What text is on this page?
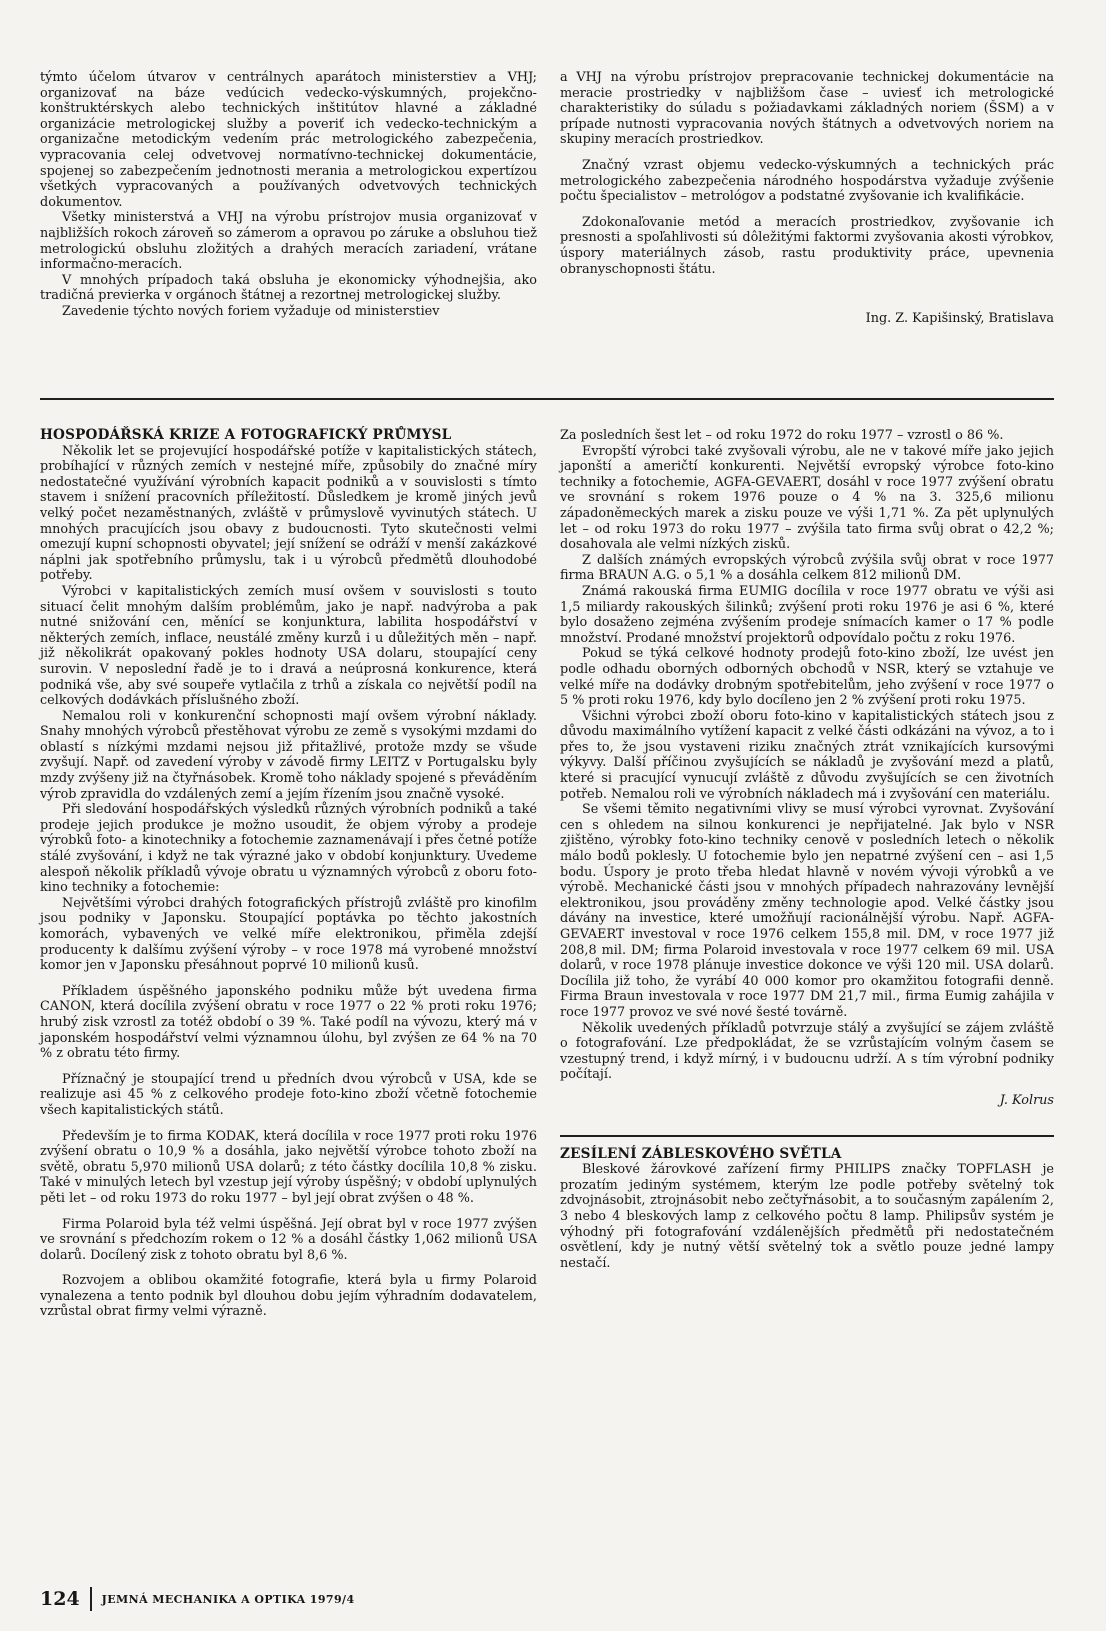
týmto účelom útvarov v centrálnych aparátoch ministerstiev a VHJ; organizovať na báze vedúcich vedecko-výskumných, projekčno-konštruktérskych alebo technických inštitútov hlavné a základné organizácie metrologickej služby a poveriť ich vedecko-technickým a organizačne metodickým vedením prác metrologického zabezpečenia, vypracovania celej odvetvovej normatívno-technickej dokumentácie, spojenej so zabezpečením jednotnosti merania a metrologickou expertízou všetkých vypracovaných a používaných odvetvových technických dokumentov.

Všetky ministerstvá a VHJ na výrobu prístrojov musia organizovať v najbližších rokoch zároveň so zámerom a opravou po záruke a obsluhou tiež metrologickú obsluhu zložitých a drahých meracích zariadení, vrátane informačno-meracích.

V mnohých prípadoch taká obsluha je ekonomicky výhodnejšia, ako tradičná previerka v orgánoch štátnej a rezortnej metrologickej služby.

Zavedenie týchto nových foriem vyžaduje od ministerstiev

a VHJ na výrobu prístrojov prepracovanie technickej dokumentácie na meracie prostriedky v najbližšom čase – uviesť ich metrologické charakteristiky do súladu s požiadavkami základných noriem (ŠSM) a v prípade nutnosti vypracovania nových štátnych a odvetvových noriem na skupiny meracích prostriedkov.

Značný vzrast objemu vedecko-výskumných a technických prác metrologického zabezpečenia národného hospodárstva vyžaduje zvýšenie počtu špecialistov – metrológov a podstatné zvyšovanie ich kvalifikácie.

Zdokonaľovanie metód a meracích prostriedkov, zvyšovanie ich presnosti a spoľahlivosti sú dôležitými faktormi zvyšovania akosti výrobkov, úspory materiálnych zásob, rastu produktivity práce, upevnenia obranyschopnosti štátu.

Ing. Z. Kapišinský, Bratislava

HOSPODÁŘSKÁ KRIZE A FOTOGRAFICKÝ PRŮMYSL

Několik let se projevující hospodářské potíže v kapitalistických státech, probíhající v různých zemích v nestejné míře, způsobily do značné míry nedostatečné využívání výrobních kapacit podniků a v souvislosti s tímto stavem i snížení pracovních příležitostí. Důsledkem je kromě jiných jevů velký počet nezaměstnaných, zvláště v průmyslově vyvinutých státech. U mnohých pracujících jsou obavy z budoucnosti. Tyto skutečnosti velmi omezují kupní schopnosti obyvatel; její snížení se odráží v menší zakázkové náplni jak spotřebního průmyslu, tak i u výrobců předmětů dlouhodobé potřeby.

Výrobci v kapitalistických zemích musí ovšem v souvislosti s touto situací čelit mnohým dalším problémům, jako je např. nadvýroba a pak nutné snižování cen, měnící se konjunktura, labilita hospodářství v některých zemích, inflace, neustálé změny kurzů i u důležitých měn – např. již několikrát opakovaný pokles hodnoty USA dolaru, stoupající ceny surovin. V neposlední řadě je to i dravá a neúprosná konkurence, která podniká vše, aby své soupeře vytlačila z trhů a získala co největší podíl na celkových dodávkách příslušného zboží.

Nemalou roli v konkurenční schopnosti mají ovšem výrobní náklady. Snahy mnohých výrobců přestěhovat výrobu ze země s vysokými mzdami do oblastí s nízkými mzdami nejsou již přitažlivé, protože mzdy se všude zvyšují. Např. od zavedení výroby v závodě firmy LEITZ v Portugalsku byly mzdy zvýšeny již na čtyřnásobek. Kromě toho náklady spojené s převáděním výrob zpravidla do vzdálených zemí a jejím řízením jsou značně vysoké.

Při sledování hospodářských výsledků různých výrobních podniků a také prodeje jejich produkce je možno usoudit, že objem výroby a prodeje výrobků foto- a kinotechniky a fotochemie zaznamenávají i přes četné potíže stálé zvyšování, i když ne tak výrazné jako v období konjunktury. Uvedeme alespoň několik příkladů vývoje obratu u významných výrobců z oboru foto-kino techniky a fotochemie:

Největšími výrobci drahých fotografických přístrojů zvláště pro kinofilm jsou podniky v Japonsku. Stoupající poptávka po těchto jakostních komorách, vybavených ve velké míře elektronikou, přiměla zdejší producenty k dalšímu zvýšení výroby – v roce 1978 má vyrobené množství komor jen v Japonsku přesáhnout poprvé 10 milionů kusů.

Příkladem úspěšného japonského podniku může být uvedena firma CANON, která docílila zvýšení obratu v roce 1977 o 22 % proti roku 1976; hrubý zisk vzrostl za totéž období o 39 %. Také podíl na vývozu, který má v japonském hospodářství velmi významnou úlohu, byl zvýšen ze 64 % na 70 % z obratu této firmy.

Příznačný je stoupající trend u předních dvou výrobců v USA, kde se realizuje asi 45 % z celkového prodeje foto-kino zboží včetně fotochemie všech kapitalistických států.

Především je to firma KODAK, která docílila v roce 1977 proti roku 1976 zvýšení obratu o 10,9 % a dosáhla, jako největší výrobce tohoto zboží na světě, obratu 5,970 milionů USA dolarů; z této částky docílila 10,8 % zisku. Také v minulých letech byl vzestup její výroby úspěšný; v období uplynulých pěti let – od roku 1973 do roku 1977 – byl její obrat zvýšen o 48 %.

Firma Polaroid byla též velmi úspěšná. Její obrat byl v roce 1977 zvýšen ve srovnání s předchozím rokem o 12 % a dosáhl částky 1,062 milionů USA dolarů. Docílený zisk z tohoto obratu byl 8,6 %.

Rozvojem a oblibou okamžité fotografie, která byla u firmy Polaroid vynalezena a tento podnik byl dlouhou dobu jejím výhradním dodavatelem, vzrůstal obrat firmy velmi výrazně.

Za posledních šest let – od roku 1972 do roku 1977 – vzrostl o 86 %.

Evropští výrobci také zvyšovali výrobu, ale ne v takové míře jako jejich japonští a američtí konkurenti. Největší evropský výrobce foto-kino techniky a fotochemie, AGFA-GEVAERT, dosáhl v roce 1977 zvýšení obratu ve srovnání s rokem 1976 pouze o 4 % na 3. 325,6 milionu západoněmeckých marek a zisku pouze ve výši 1,71 %. Za pět uplynulých let – od roku 1973 do roku 1977 – zvýšila tato firma svůj obrat o 42,2 %; dosahovala ale velmi nízkých zisků.

Z dalších známých evropských výrobců zvýšila svůj obrat v roce 1977 firma BRAUN A.G. o 5,1 % a dosáhla celkem 812 milionů DM.

Známá rakouská firma EUMIG docílila v roce 1977 obratu ve výši asi 1,5 miliardy rakouských šilinků; zvýšení proti roku 1976 je asi 6 %, které bylo dosaženo zejména zvýšením prodeje snímacích kamer o 17 % podle množství. Prodané množství projektorů odpovídalo počtu z roku 1976.

Pokud se týká celkové hodnoty prodejů foto-kino zboží, lze uvést jen podle odhadu oborných odborných obchodů v NSR, který se vztahuje ve velké míře na dodávky drobným spotřebitelům, jeho zvýšení v roce 1977 o 5 % proti roku 1976, kdy bylo docíleno jen 2 % zvýšení proti roku 1975.

Všichni výrobci zboží oboru foto-kino v kapitalistických státech jsou z důvodu maximálního vytížení kapacit z velké části odkázáni na vývoz, a to i přes to, že jsou vystaveni riziku značných ztrát vznikajících kursovými výkyvy. Další příčinou zvyšujících se nákladů je zvyšování mezd a platů, které si pracující vynucují zvláště z důvodu zvyšujících se cen životních potřeb. Nemalou roli ve výrobních nákladech má i zvyšování cen materiálu.

Se všemi těmito negativními vlivy se musí výrobci vyrovnat. Zvyšování cen s ohledem na silnou konkurenci je nepřijatelné. Jak bylo v NSR zjištěno, výrobky foto-kino techniky cenově v posledních letech o několik málo bodů poklesly. U fotochemie bylo jen nepatrné zvýšení cen – asi 1,5 bodu. Úspory je proto třeba hledat hlavně v novém vývoji výrobků a ve výrobě. Mechanické části jsou v mnohých případech nahrazovány levnější elektronikou, jsou prováděny změny technologie apod. Velké částky jsou dávány na investice, které umožňují racionálnější výrobu. Např. AGFA-GEVAERT investoval v roce 1976 celkem 155,8 mil. DM, v roce 1977 již 208,8 mil. DM; firma Polaroid investovala v roce 1977 celkem 69 mil. USA dolarů, v roce 1978 plánuje investice dokonce ve výši 120 mil. USA dolarů. Docílila již toho, že vyrábí 40 000 komor pro okamžitou fotografii denně. Firma Braun investovala v roce 1977 DM 21,7 mil., firma Eumig zahájila v roce 1977 provoz ve své nové šesté továrně.

Několik uvedených příkladů potvrzuje stálý a zvyšující se zájem zvláště o fotografování. Lze předpokládat, že se vzrůstajícím volným časem se vzestupný trend, i když mírný, i v budoucnu udrží. A s tím výrobní podniky počítají.

J. Kolrus

ZESÍLENÍ ZÁBLESKOVÉHO SVĚTLA

Bleskové žárovkové zařízení firmy PHILIPS značky TOPFLASH je prozatím jediným systémem, kterým lze podle potřeby světelný tok zdvojnásobit, ztrojnásobit nebo zečtyřnásobit, a to současným zapálením 2, 3 nebo 4 bleskových lamp z celkového počtu 8 lamp. Philipsův systém je výhodný při fotografování vzdálenějších předmětů při nedostatečném osvětlení, kdy je nutný větší světelný tok a světlo pouze jedné lampy nestačí.

124 JEMNÁ MECHANIKA A OPTIKA 1979/4
